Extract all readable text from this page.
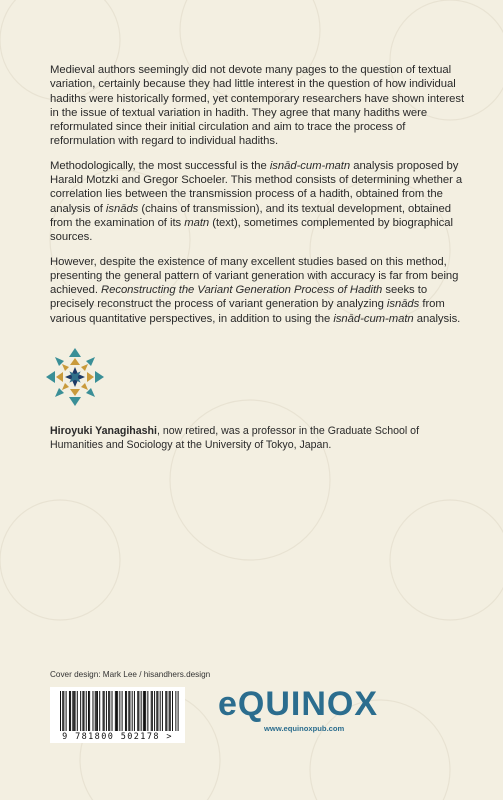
Medieval authors seemingly did not devote many pages to the question of textual variation, certainly because they had little interest in the question of how individual hadiths were historically formed, yet contemporary researchers have shown interest in the issue of textual variation in hadith. They agree that many hadiths were reformulated since their initial circulation and aim to trace the process of reformulation with regard to individual hadiths.

Methodologically, the most successful is the isnād-cum-matn analysis proposed by Harald Motzki and Gregor Schoeler. This method consists of determining whether a correlation lies between the transmission process of a hadith, obtained from the analysis of isnāds (chains of transmission), and its textual development, obtained from the examination of its matn (text), sometimes complemented by biographical sources.

However, despite the existence of many excellent studies based on this method, presenting the general pattern of variant generation with accuracy is far from being achieved. Reconstructing the Variant Generation Process of Hadith seeks to precisely reconstruct the process of variant generation by analyzing isnāds from various quantitative perspectives, in addition to using the isnād-cum-matn analysis.

Hiroyuki Yanagihashi, now retired, was a professor in the Graduate School of Humanities and Sociology at the University of Tokyo, Japan.
Cover design: Mark Lee / hisandhers.design
9 781800 502178 >
eQUINOX
www.equinoxpub.com
